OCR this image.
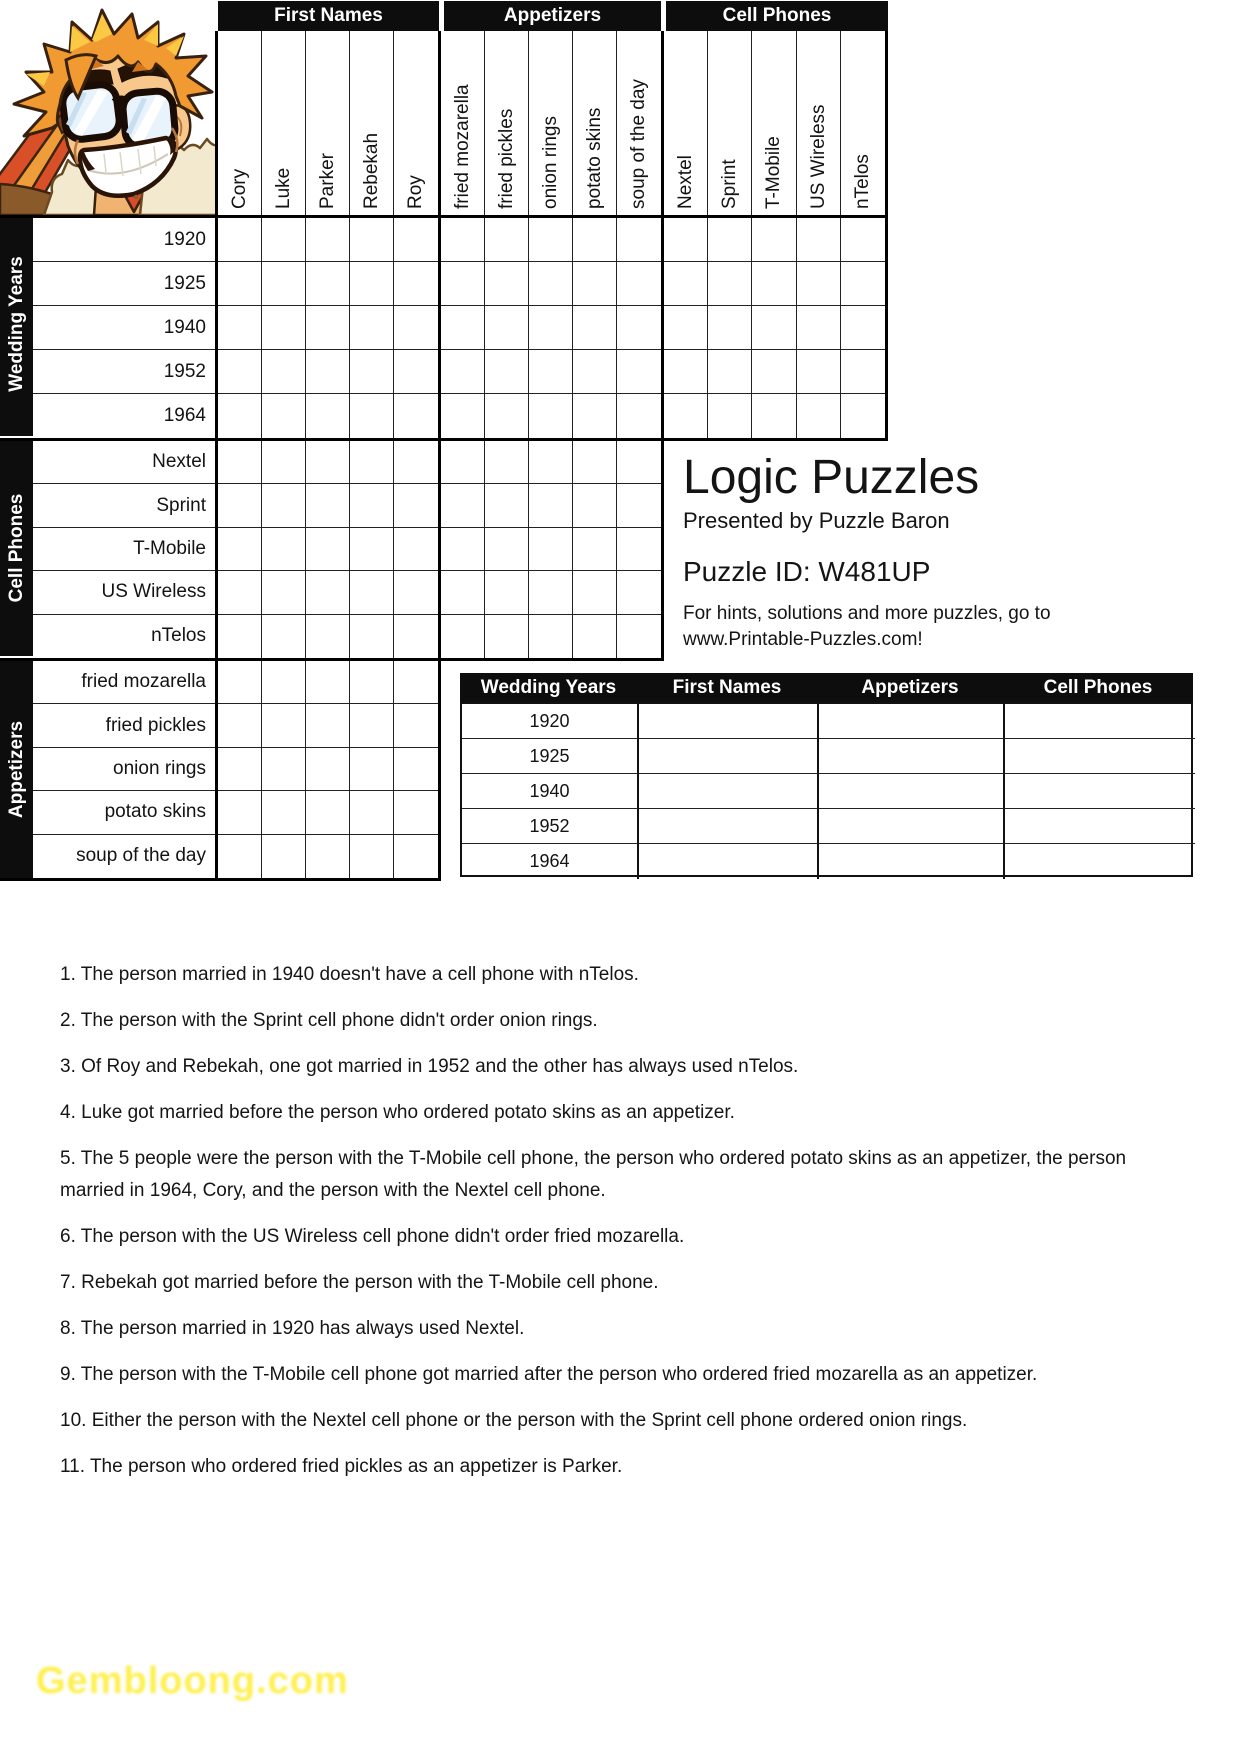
First Names	Appetizers	Cell Phones
Cory Luke Parker Rebekah Roy fried mozarella fried pickles onion rings potato skins soup of the day Nextel Sprint T-Mobile US Wireless nTelos
Wedding Years
Cell Phones
Appetizers
1920
1925
1940
1952
1964
Nextel
Sprint
T-Mobile
US Wireless
nTelos
fried mozarella
fried pickles
onion rings
potato skins
soup of the day
Logic Puzzles
Presented by Puzzle Baron
Puzzle ID: W481UP
For hints, solutions and more puzzles, go to
www.Printable-Puzzles.com!
Wedding Years	First Names	Appetizers	Cell Phones
1920
1925
1940
1952
1964

1. The person married in 1940 doesn't have a cell phone with nTelos.

2. The person with the Sprint cell phone didn't order onion rings.

3. Of Roy and Rebekah, one got married in 1952 and the other has always used nTelos.

4. Luke got married before the person who ordered potato skins as an appetizer.

5. The 5 people were the person with the T-Mobile cell phone, the person who ordered potato skins as an appetizer, the person married in 1964, Cory, and the person with the Nextel cell phone.

6. The person with the US Wireless cell phone didn't order fried mozarella.

7. Rebekah got married before the person with the T-Mobile cell phone.

8. The person married in 1920 has always used Nextel.

9. The person with the T-Mobile cell phone got married after the person who ordered fried mozarella as an appetizer.

10. Either the person with the Nextel cell phone or the person with the Sprint cell phone ordered onion rings.

11. The person who ordered fried pickles as an appetizer is Parker.

Gembloong.com
